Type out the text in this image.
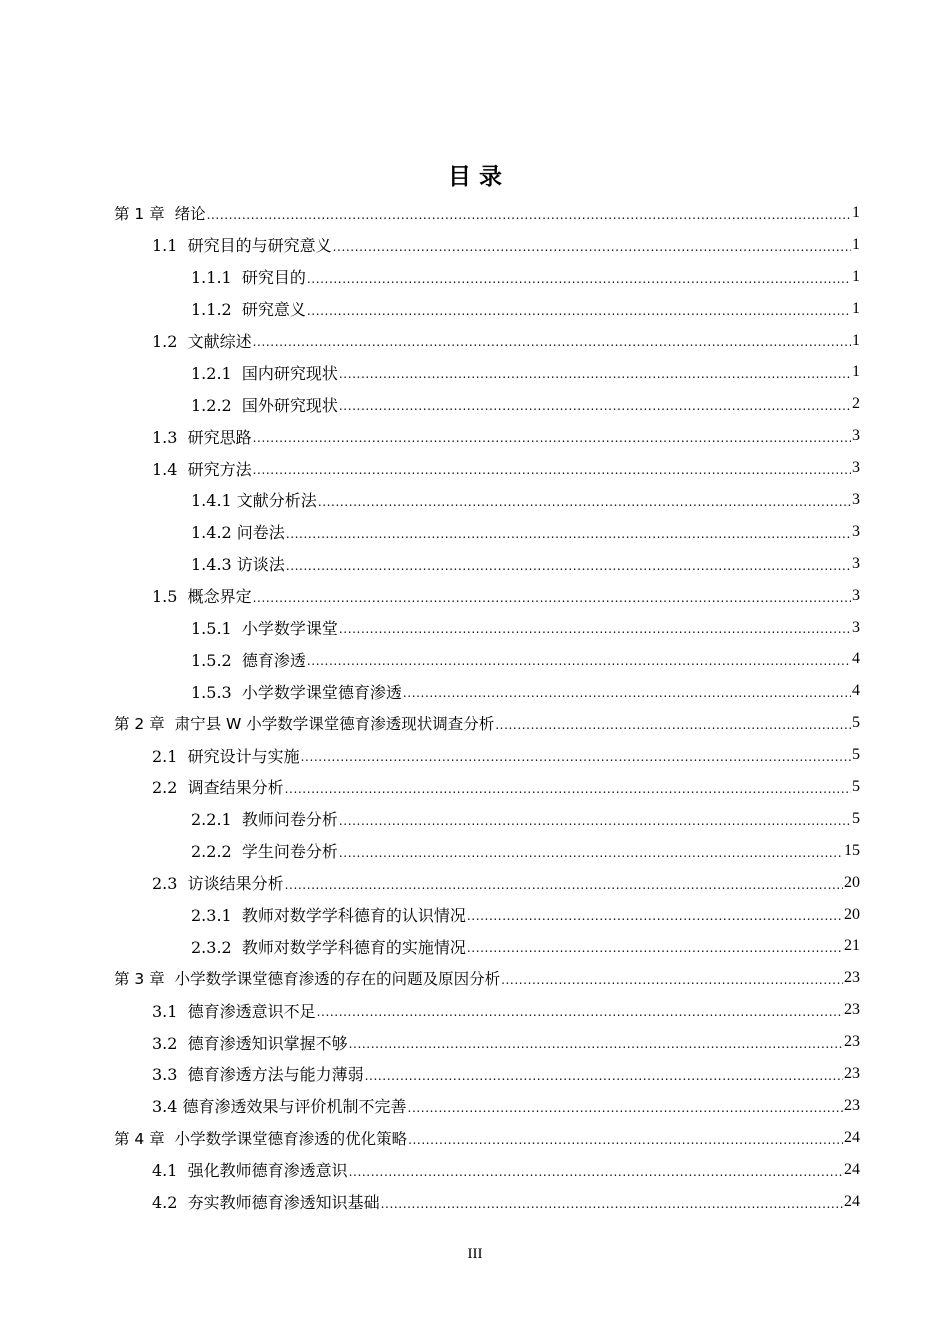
目 录
第 1 章  绪论 .....	1
1.1  研究目的与研究意义 .....	1
1.1.1  研究目的 .....	1
1.1.2  研究意义 .....	1
1.2  文献综述 .....	1
1.2.1  国内研究现状 .....	1
1.2.2  国外研究现状 .....	2
1.3  研究思路 .....	3
1.4  研究方法 .....	3
1.4.1 文献分析法 .....	3
1.4.2 问卷法 .....	3
1.4.3 访谈法 .....	3
1.5  概念界定 .....	3
1.5.1  小学数学课堂 .....	3
1.5.2  德育渗透 .....	4
1.5.3  小学数学课堂德育渗透 .....	4
第 2 章  肃宁县 W 小学数学课堂德育渗透现状调查分析 .....	5
2.1  研究设计与实施 .....	5
2.2  调查结果分析 .....	5
2.2.1  教师问卷分析 .....	5
2.2.2  学生问卷分析 .....	15
2.3  访谈结果分析 .....	20
2.3.1  教师对数学学科德育的认识情况 .....	20
2.3.2  教师对数学学科德育的实施情况 .....	21
第 3 章  小学数学课堂德育渗透的存在的问题及原因分析 .....	23
3.1  德育渗透意识不足 .....	23
3.2  德育渗透知识掌握不够 .....	23
3.3  德育渗透方法与能力薄弱 .....	23
3.4 德育渗透效果与评价机制不完善 .....	23
第 4 章  小学数学课堂德育渗透的优化策略 .....	24
4.1  强化教师德育渗透意识 .....	24
4.2  夯实教师德育渗透知识基础 .....	24
III
